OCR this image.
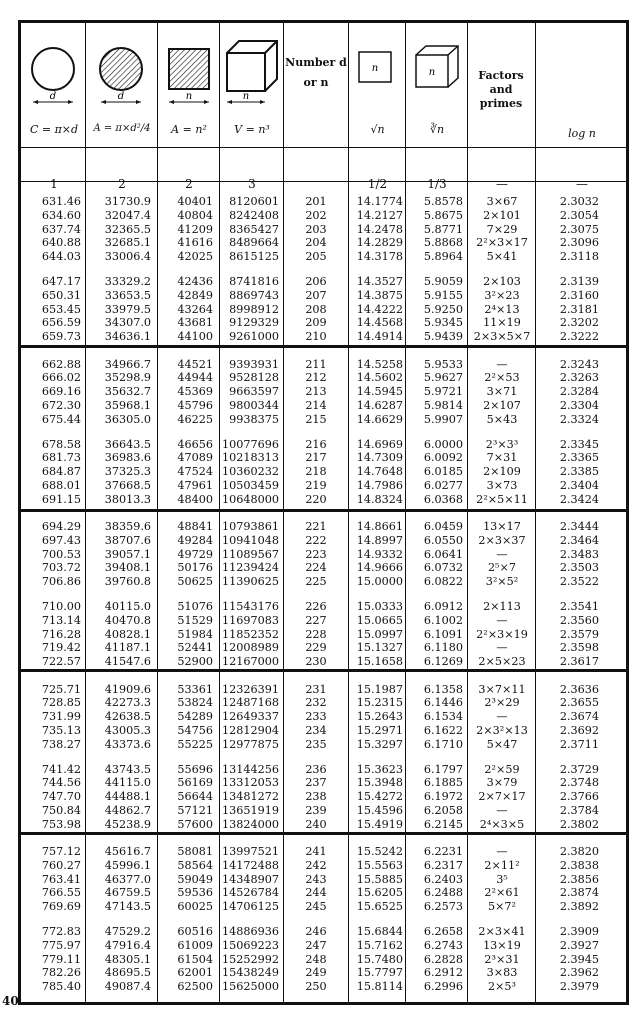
d	d	n	n
n	n
C = π×d	A = π×d²/4	A = n²	V = n³
Number d or n
√n	∛n
Factors and primes
log n
1	2	2	3	1/2	1/3	—	—
631.46	31730.9	40401	8120601	201	14.1774	5.8578	3×67	2.3032
634.60	32047.4	40804	8242408	202	14.2127	5.8675	2×101	2.3054
637.74	32365.5	41209	8365427	203	14.2478	5.8771	7×29	2.3075
640.88	32685.1	41616	8489664	204	14.2829	5.8868	2²×3×17	2.3096
644.03	33006.4	42025	8615125	205	14.3178	5.8964	5×41	2.3118
647.17	33329.2	42436	8741816	206	14.3527	5.9059	2×103	2.3139
650.31	33653.5	42849	8869743	207	14.3875	5.9155	3²×23	2.3160
653.45	33979.5	43264	8998912	208	14.4222	5.9250	2⁴×13	2.3181
656.59	34307.0	43681	9129329	209	14.4568	5.9345	11×19	2.3202
659.73	34636.1	44100	9261000	210	14.4914	5.9439 2×3×5×7	2.3222
662.88	34966.7	44521	9393931	211	14.5258	5.9533	—	2.3243
666.02	35298.9	44944	9528128	212	14.5602	5.9627	2²×53	2.3263
669.16	35632.7	45369	9663597	213	14.5945	5.9721	3×71	2.3284
672.30	35968.1	45796	9800344	214	14.6287	5.9814	2×107	2.3304
675.44	36305.0	46225	9938375	215	14.6629	5.9907	5×43	2.3324
678.58	36643.5	46656 10077696	216	14.6969	6.0000	2³×3³	2.3345
681.73	36983.6	47089 10218313	217	14.7309	6.0092	7×31	2.3365
684.87	37325.3	47524 10360232	218	14.7648	6.0185	2×109	2.3385
688.01	37668.5	47961 10503459	219	14.7986	6.0277	3×73	2.3404
691.15	38013.3	48400 10648000	220	14.8324	6.0368	2²×5×11	2.3424
694.29	38359.6	48841 10793861	221	14.8661	6.0459	13×17	2.3444
697.43	38707.6	49284 10941048	222	14.8997	6.0550	2×3×37	2.3464
700.53	39057.1	49729 11089567	223	14.9332	6.0641	—	2.3483
703.72	39408.1	50176 11239424	224	14.9666	6.0732	2⁵×7	2.3503
706.86	39760.8	50625 11390625	225	15.0000	6.0822	3²×5²	2.3522
710.00	40115.0	51076 11543176	226	15.0333	6.0912	2×113	2.3541
713.14	40470.8	51529 11697083	227	15.0665	6.1002	—	2.3560
716.28	40828.1	51984 11852352	228	15.0997	6.1091	2²×3×19	2.3579
719.42	41187.1	52441 12008989	229	15.1327	6.1180	—	2.3598
722.57	41547.6	52900 12167000	230	15.1658	6.1269	2×5×23	2.3617
725.71	41909.6	53361 12326391	231	15.1987	6.1358	3×7×11	2.3636
728.85	42273.3	53824 12487168	232	15.2315	6.1446	2³×29	2.3655
731.99	42638.5	54289 12649337	233	15.2643	6.1534	—	2.3674
735.13	43005.3	54756 12812904	234	15.2971	6.1622	2×3²×13	2.3692
738.27	43373.6	55225 12977875	235	15.3297	6.1710	5×47	2.3711
741.42	43743.5	55696 13144256	236	15.3623	6.1797	2²×59	2.3729
744.56	44115.0	56169 13312053	237	15.3948	6.1885	3×79	2.3748
747.70	44488.1	56644 13481272	238	15.4272	6.1972	2×7×17	2.3766
750.84	44862.7	57121 13651919	239	15.4596	6.2058	—	2.3784
753.98	45238.9	57600 13824000	240	15.4919	6.2145	2⁴×3×5	2.3802
757.12	45616.7	58081 13997521	241	15.5242	6.2231	—	2.3820
760.27	45996.1	58564 14172488	242	15.5563	6.2317	2×11²	2.3838
763.41	46377.0	59049 14348907	243	15.5885	6.2403	3⁵	2.3856
766.55	46759.5	59536 14526784	244	15.6205	6.2488	2²×61	2.3874
769.69	47143.5	60025 14706125	245	15.6525	6.2573	5×7²	2.3892
772.83	47529.2	60516 14886936	246	15.6844	6.2658	2×3×41	2.3909
775.97	47916.4	61009 15069223	247	15.7162	6.2743	13×19	2.3927
779.11	48305.1	61504 15252992	248	15.7480	6.2828	2³×31	2.3945
782.26	48695.5	62001 15438249	249	15.7797	6.2912	3×83	2.3962
785.40	49087.4	62500 15625000	250	15.8114	6.2996	2×5³	2.3979
40
